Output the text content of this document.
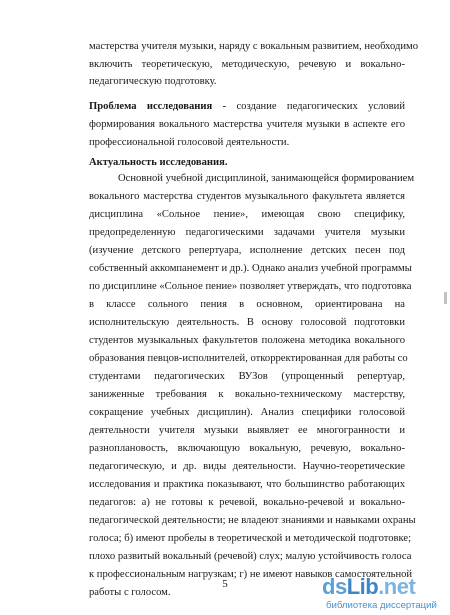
мастерства учителя музыки, наряду с вокальным развитием, необходимо
включить теоретическую, методическую, речевую и вокально-
педагогическую подготовку.
Проблема исследования - создание педагогических условий
формирования вокального мастерства учителя музыки в аспекте его
профессиональной голосовой деятельности.
Актуальность исследования.
Основной учебной дисциплиной, занимающейся формированием
вокального мастерства студентов музыкального факультета является
дисциплина «Сольное пение», имеющая свою специфику,
предопределенную педагогическими задачами учителя музыки
(изучение детского репертуара, исполнение детских песен под
собственный аккомпанемент и др.). Однако анализ учебной программы
по дисциплине «Сольное пение» позволяет утверждать, что подготовка
в классе сольного пения в основном, ориентирована на
исполнительскую деятельность. В основу голосовой подготовки
студентов музыкальных факультетов положена методика вокального
образования певцов-исполнителей, откорректированная для работы со
студентами педагогических ВУЗов (упрощенный репертуар,
заниженные требования к вокально-техническому мастерству,
сокращение учебных дисциплин). Анализ специфики голосовой
деятельности учителя музыки выявляет ее многогранности и
разноплановость, включающую вокальную, речевую, вокально-
педагогическую, и др. виды деятельности. Научно-теоретические
исследования и практика показывают, что большинство работающих
педагогов: а) не готовы к речевой, вокально-речевой и вокально-
педагогической деятельности; не владеют знаниями и навыками охраны
голоса; б) имеют пробелы в теоретической и методической подготовке;
плохо развитый вокальный (речевой) слух; малую устойчивость голоса
к профессиональным нагрузкам; г) не имеют навыков самостоятельной
работы с голосом.
5	dsLib.net
библиотека диссертаций
